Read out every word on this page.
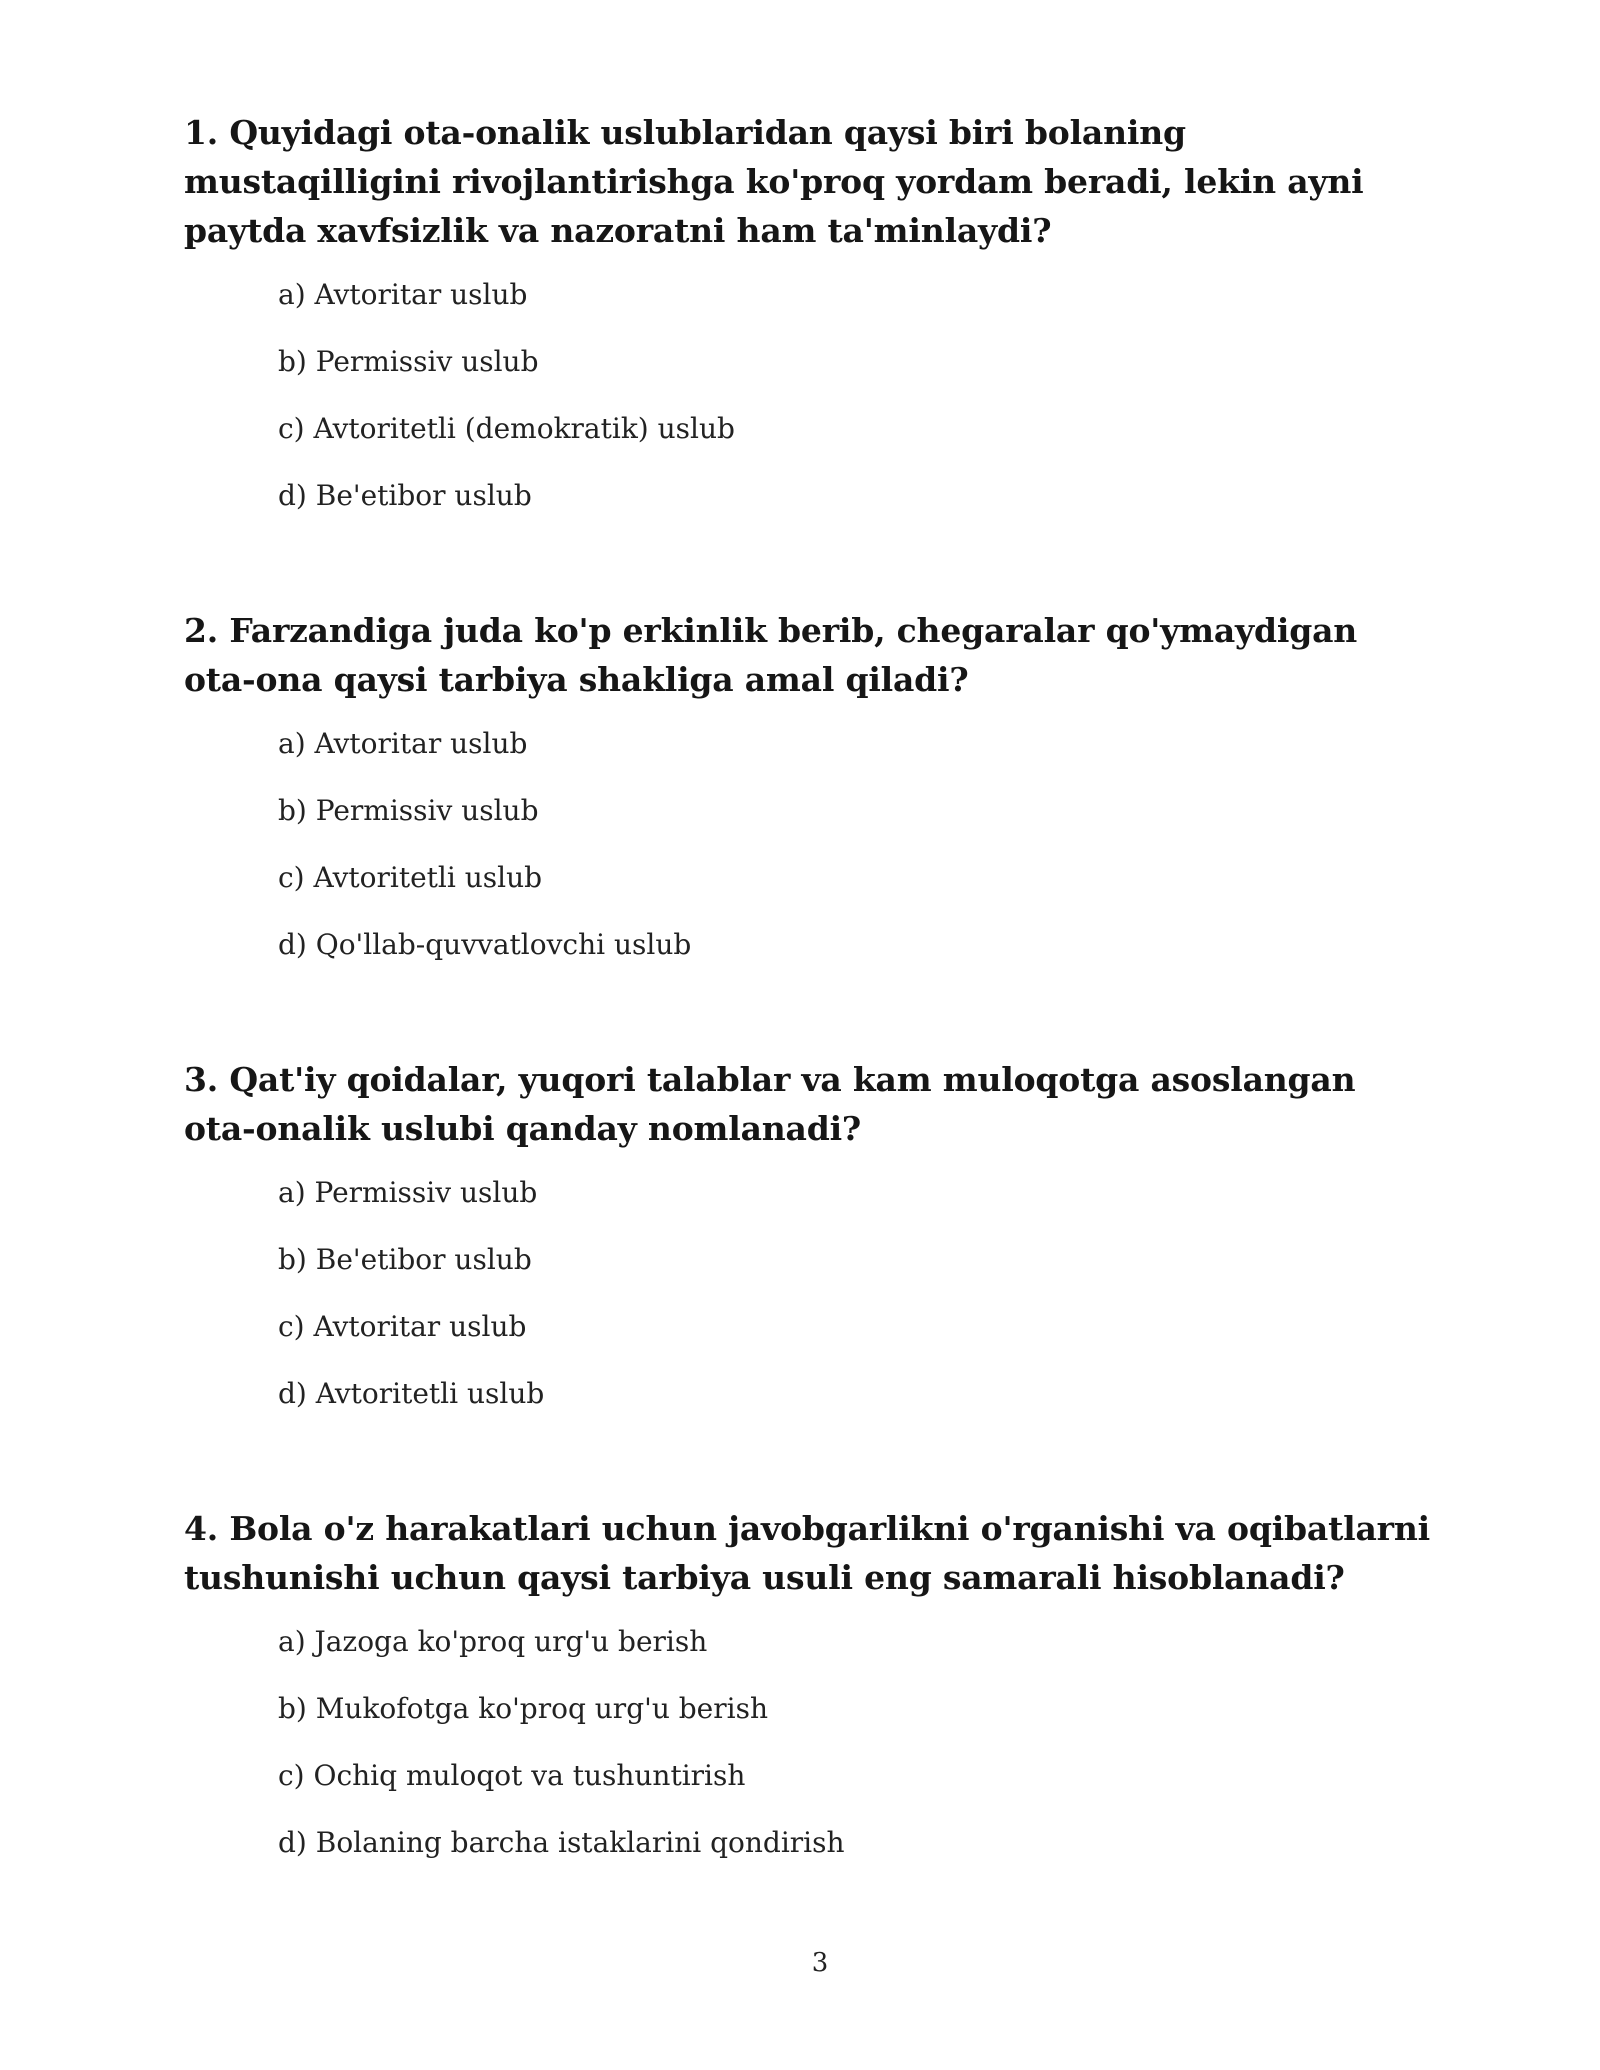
1. Quyidagi ota-onalik uslublaridan qaysi biri bolaning mustaqilligini rivojlantirishga ko'proq yordam beradi, lekin ayni paytda xavfsizlik va nazoratni ham ta'minlaydi?

a) Avtoritar uslub
b) Permissiv uslub
c) Avtoritetli (demokratik) uslub
d) Be'etibor uslub

2. Farzandiga juda ko'p erkinlik berib, chegaralar qo'ymaydigan ota-ona qaysi tarbiya shakliga amal qiladi?

a) Avtoritar uslub
b) Permissiv uslub
c) Avtoritetli uslub
d) Qo'llab-quvvatlovchi uslub

3. Qat'iy qoidalar, yuqori talablar va kam muloqotga asoslangan ota-onalik uslubi qanday nomlanadi?

a) Permissiv uslub
b) Be'etibor uslub
c) Avtoritar uslub
d) Avtoritetli uslub

4. Bola o'z harakatlari uchun javobgarlikni o'rganishi va oqibatlarni tushunishi uchun qaysi tarbiya usuli eng samarali hisoblanadi?

a) Jazoga ko'proq urg'u berish
b) Mukofotga ko'proq urg'u berish
c) Ochiq muloqot va tushuntirish
d) Bolaning barcha istaklarini qondirish
3
